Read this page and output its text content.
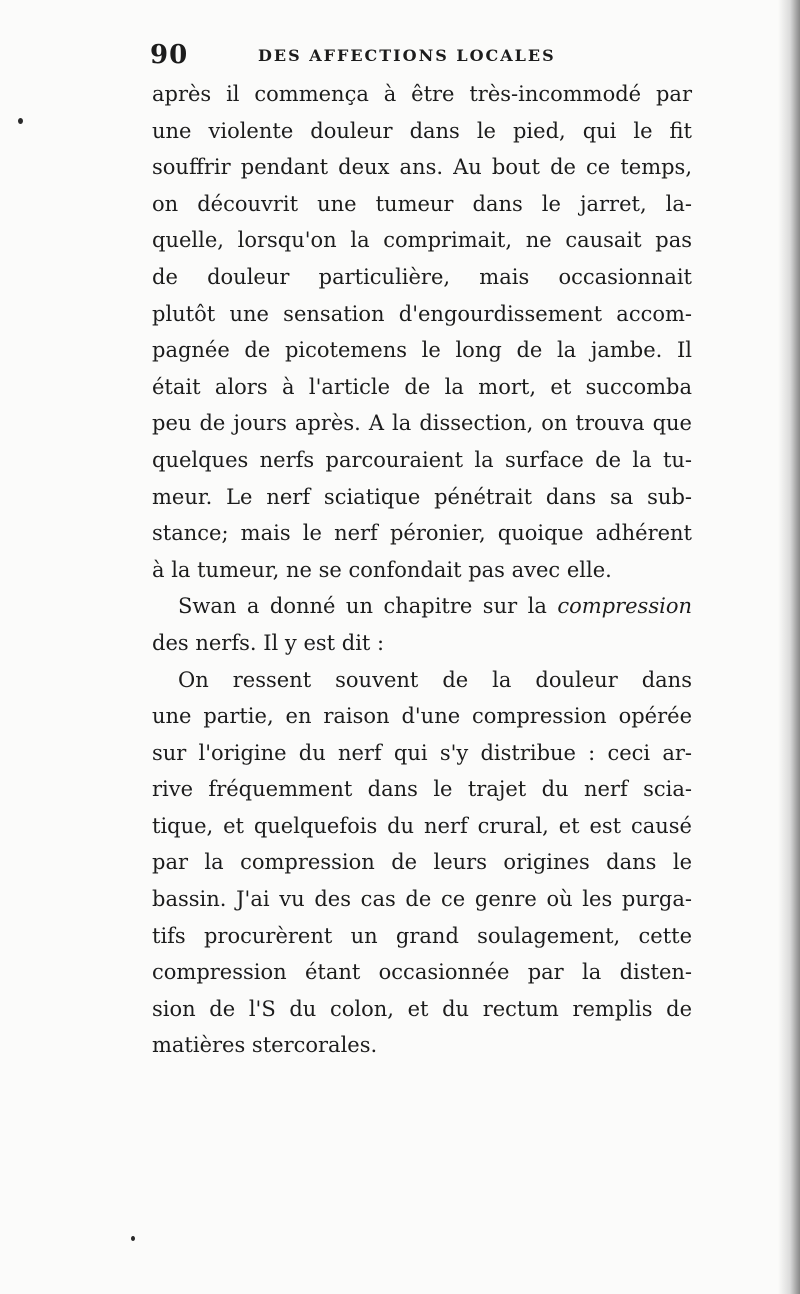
90	DES AFFECTIONS LOCALES
après il commença à être très-incommodé par
une violente douleur dans le pied, qui le fit
souffrir pendant deux ans. Au bout de ce temps,
on découvrit une tumeur dans le jarret, la-
quelle, lorsqu'on la comprimait, ne causait pas
de douleur particulière, mais occasionnait
plutôt une sensation d'engourdissement accom-
pagnée de picotemens le long de la jambe. Il
était alors à l'article de la mort, et succomba
peu de jours après. A la dissection, on trouva que
quelques nerfs parcouraient la surface de la tu-
meur. Le nerf sciatique pénétrait dans sa sub-
stance; mais le nerf péronier, quoique adhérent
à la tumeur, ne se confondait pas avec elle.
Swan a donné un chapitre sur la compression
des nerfs. Il y est dit :
On ressent souvent de la douleur dans
une partie, en raison d'une compression opérée
sur l'origine du nerf qui s'y distribue : ceci ar-
rive fréquemment dans le trajet du nerf scia-
tique, et quelquefois du nerf crural, et est causé
par la compression de leurs origines dans le
bassin. J'ai vu des cas de ce genre où les purga-
tifs procurèrent un grand soulagement, cette
compression étant occasionnée par la disten-
sion de l'S du colon, et du rectum remplis de
matières stercorales.
